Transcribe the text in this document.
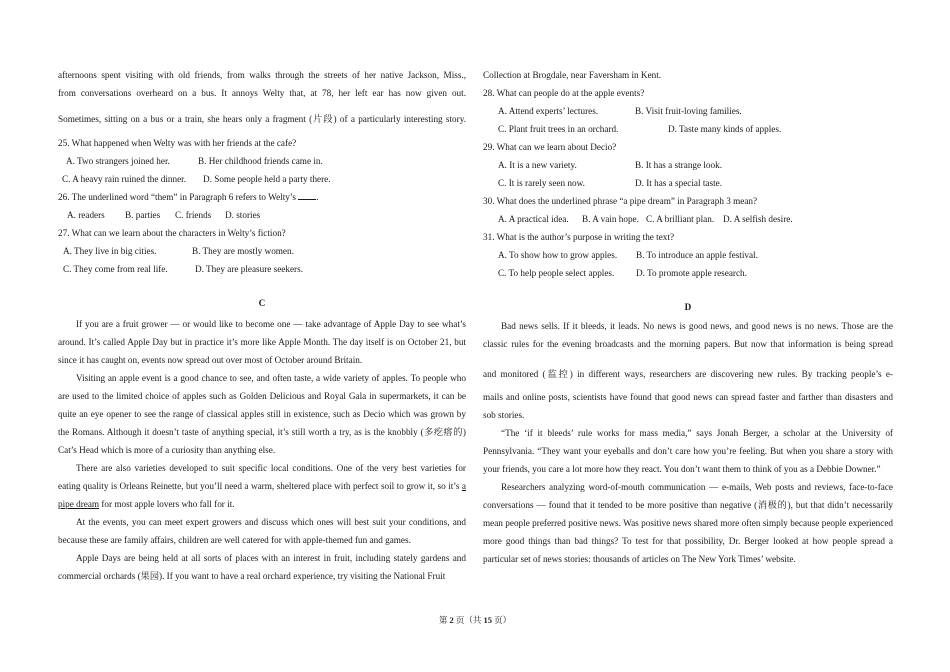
afternoons spent visiting with old friends, from walks through the streets of her native Jackson, Miss.,

from conversations overheard on a bus. It annoys Welty that, at 78, her left ear has now given out.

Sometimes, sitting on a bus or a train, she hears only a fragment (片段) of a particularly interesting story.

25. What happened when Welty was with her friends at the cafe?

A. Two strangers joined her.	B. Her childhood friends came in.
C. A heavy rain ruined the dinner.	D. Some people held a party there.

26. The underlined word “them” in Paragraph 6 refers to Welty’s .

A. readers	B. parties	C. friends	D. stories

27. What can we learn about the characters in Welty’s fiction?

A. They live in big cities.	B. They are mostly women.
C. They come from real life.	D. They are pleasure seekers.

C

If you are a fruit grower — or would like to become one — take advantage of Apple Day to see what’s around. It’s called Apple Day but in practice it’s more like Apple Month. The day itself is on October 21, but since it has caught on, events now spread out over most of October around Britain.

Visiting an apple event is a good chance to see, and often taste, a wide variety of apples. To people who are used to the limited choice of apples such as Golden Delicious and Royal Gala in supermarkets, it can be quite an eye opener to see the range of classical apples still in existence, such as Decio which was grown by the Romans. Although it doesn’t taste of anything special, it’s still worth a try, as is the knobbly (多疙瘩的) Cat’s Head which is more of a curiosity than anything else.

There are also varieties developed to suit specific local conditions. One of the very best varieties for eating quality is Orleans Reinette, but you’ll need a warm, sheltered place with perfect soil to grow it, so it’s a pipe dream for most apple lovers who fall for it.

At the events, you can meet expert growers and discuss which ones will best suit your conditions, and because these are family affairs, children are well catered for with apple-themed fun and games.

Apple Days are being held at all sorts of places with an interest in fruit, including stately gardens and commercial orchards (果园). If you want to have a real orchard experience, try visiting the National Fruit

Collection at Brogdale, near Faversham in Kent.

28. What can people do at the apple events?

A. Attend experts’ lectures.	B. Visit fruit-loving families.
C. Plant fruit trees in an orchard.	D. Taste many kinds of apples.

29. What can we learn about Decio?

A. It is a new variety.	B. It has a strange look.
C. It is rarely seen now.	D. It has a special taste.

30. What does the underlined phrase “a pipe dream” in Paragraph 3 mean?

A. A practical idea.	B. A vain hope. C. A brilliant plan. D. A selfish desire.

31. What is the author’s purpose in writing the text?

A. To show how to grow apples.	B. To introduce an apple festival.
C. To help people select apples.	D. To promote apple research.

D

Bad news sells. If it bleeds, it leads. No news is good news, and good news is no news. Those are the

classic rules for the evening broadcasts and the morning papers. But now that information is being spread

and monitored (监控) in different ways, researchers are discovering new rules. By tracking people’s e-

mails and online posts, scientists have found that good news can spread faster and farther than disasters and sob stories.

“The ‘if it bleeds’ rule works for mass media,” says Jonah Berger, a scholar at the University of Pennsylvania. “They want your eyeballs and don’t care how you’re feeling. But when you share a story with your friends, you care a lot more how they react. You don’t want them to think of you as a Debbie Downer.”

Researchers analyzing word-of-mouth communication — e-mails, Web posts and reviews, face-to-face conversations — found that it tended to be more positive than negative (消极的), but that didn’t necessarily mean people preferred positive news. Was positive news shared more often simply because people experienced more good things than bad things? To test for that possibility, Dr. Berger looked at how people spread a particular set of news stories: thousands of articles on The New York Times’ website.

第 2 页（共 15 页）
